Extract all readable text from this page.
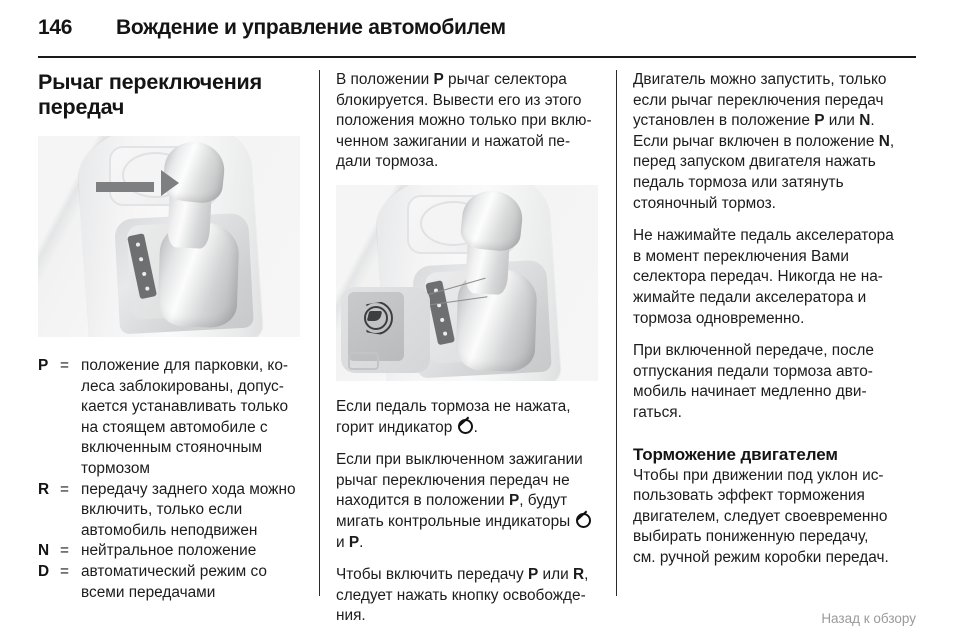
146	Вождение и управление автомобилем
Рычаг переключения передач
P = положение для парковки, колеса заблокированы, допускается устанавливать только на стоящем автомобиле с включенным стояночным тормозом
R = передачу заднего хода можно включить, только если автомобиль неподвижен
N = нейтральное положение
D = автоматический режим со всеми передачами

В положении P рычаг селектора блокируется. Вывести его из этого положения можно только при включенном зажигании и нажатой педали тормоза.

Если педаль тормоза не нажата, горит индикатор .

Если при выключенном зажигании рычаг переключения передач не находится в положении P, будут мигать контрольные индикаторы  и P.

Чтобы включить передачу P или R, следует нажать кнопку освобождения.

Двигатель можно запустить, только если рычаг переключения передач установлен в положение P или N. Если рычаг включен в положение N, перед запуском двигателя нажать педаль тормоза или затянуть стояночный тормоз.

Не нажимайте педаль акселератора в момент переключения Вами селектора передач. Никогда не нажимайте педали акселератора и тормоза одновременно.

При включенной передаче, после отпускания педали тормоза автомобиль начинает медленно двигаться.

Торможение двигателем

Чтобы при движении под уклон использовать эффект торможения двигателем, следует своевременно выбирать пониженную передачу, см. ручной режим коробки передач.

Назад к обзору
